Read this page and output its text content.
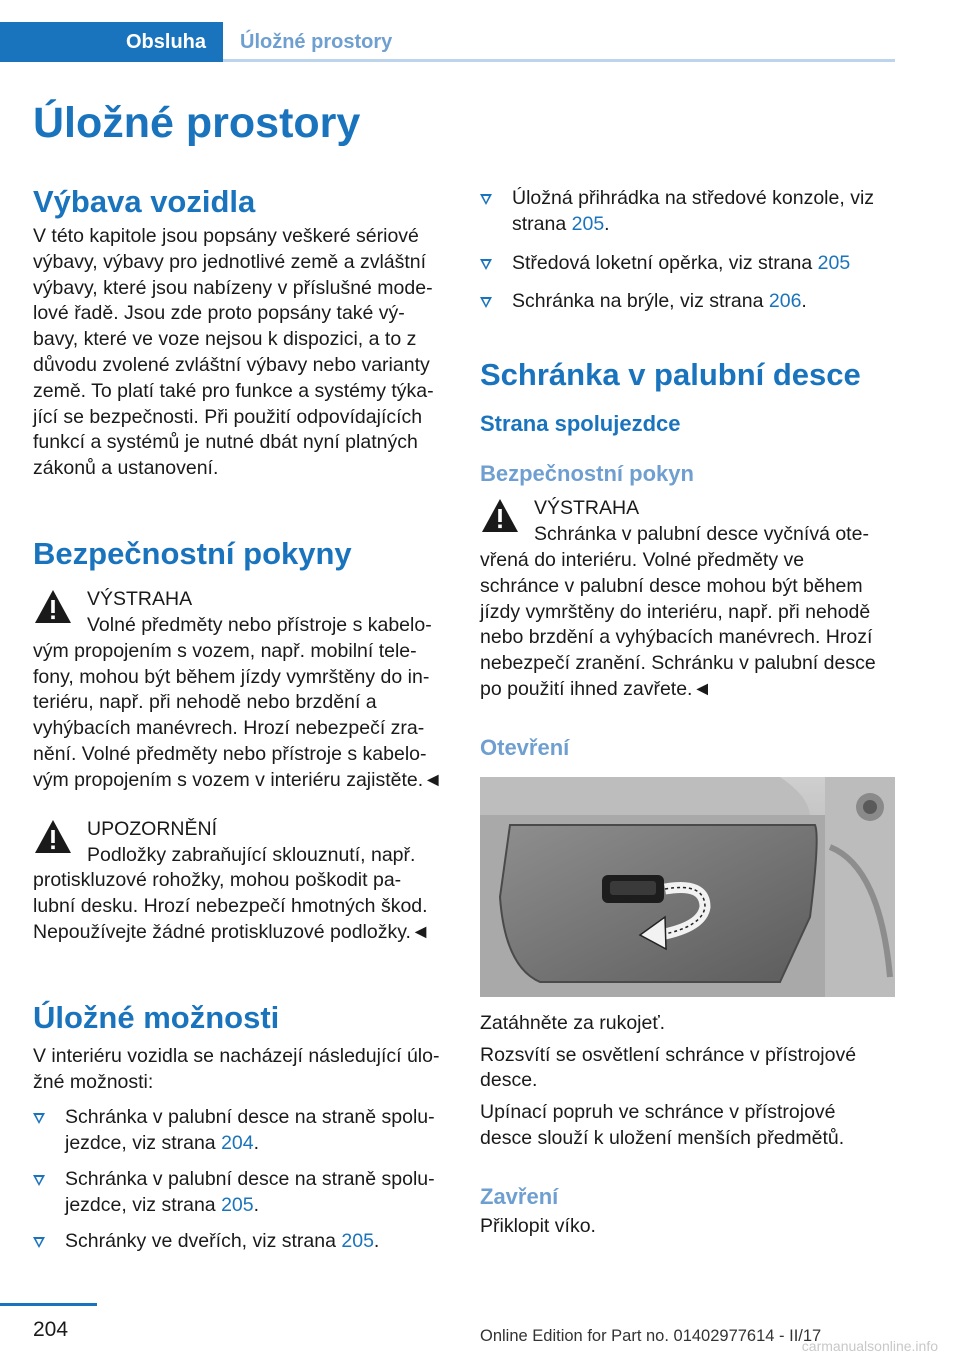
Obsluha	Úložné prostory
Úložné prostory
Výbava vozidla

V této kapitole jsou popsány veškeré sériové
výbavy, výbavy pro jednotlivé země a zvláštní
výbavy, které jsou nabízeny v příslušné mode‐
lové řadě. Jsou zde proto popsány také vý‐
bavy, které ve voze nejsou k dispozici, a to z
důvodu zvolené zvláštní výbavy nebo varianty
země. To platí také pro funkce a systémy týka‐
jící se bezpečnosti. Při použití odpovídajících
funkcí a systémů je nutné dbát nyní platných
zákonů a ustanovení.

Bezpečnostní pokyny
VÝSTRAHA

Volné předměty nebo přístroje s kabelo‐
vým propojením s vozem, např. mobilní tele‐
fony, mohou být během jízdy vymrštěny do in‐
teriéru, např. při nehodě nebo brzdění a
vyhýbacích manévrech. Hrozí nebezpečí zra‐
nění. Volné předměty nebo přístroje s kabelo‐
vým propojením s vozem v interiéru zajistěte.◄

UPOZORNĚNÍ

Podložky zabraňující sklouznutí, např.
protiskluzové rohožky, mohou poškodit pa‐
lubní desku. Hrozí nebezpečí hmotných škod.
Nepoužívejte žádné protiskluzové podložky.◄

Úložné možnosti

V interiéru vozidla se nacházejí následující úlo‐
žné možnosti:

Schránka v palubní desce na straně spolu‐
jezdce, viz strana 204.
Schránka v palubní desce na straně spolu‐
jezdce, viz strana 205.
Schránky ve dveřích, viz strana 205.
Úložná přihrádka na středové konzole, viz
strana 205.
Středová loketní opěrka, viz strana 205
Schránka na brýle, viz strana 206.
Schránka v palubní desce
Strana spolujezdce
Bezpečnostní pokyn
VÝSTRAHA

Schránka v palubní desce vyčnívá ote‐
vřená do interiéru. Volné předměty ve
schránce v palubní desce mohou být během
jízdy vymrštěny do interiéru, např. při nehodě
nebo brzdění a vyhýbacích manévrech. Hrozí
nebezpečí zranění. Schránku v palubní desce
po použití ihned zavřete.◄

Otevření

Zatáhněte za rukojeť.

Rozsvítí se osvětlení schránce v přístrojové
desce.

Upínací popruh ve schránce v přístrojové
desce slouží k uložení menších předmětů.

Zavření

Přiklopit víko.

204	Online Edition for Part no. 01402977614 - II/17
carmanualsonline.info
